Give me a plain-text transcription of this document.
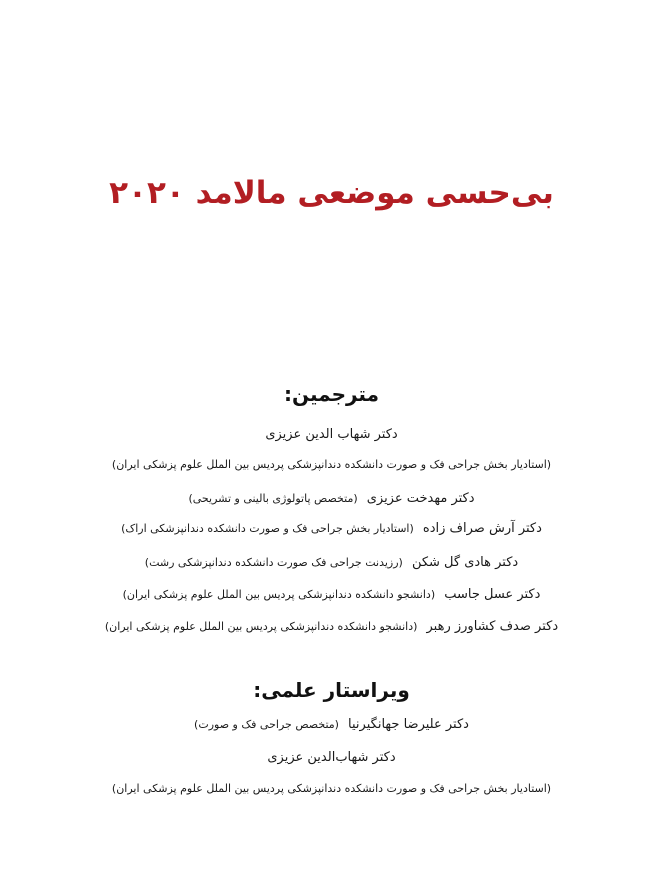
بی‌حسی موضعی مالامد ۲۰۲۰
مترجمین:
دکتر شهاب الدین عزیزی
(استادیار بخش جراحی فک و صورت دانشکده دندانپزشکی پردیس بین الملل علوم پزشکی ایران)
دکتر مهدخت عزیزی (متخصص پاتولوژی بالینی و تشریحی)
دکتر آرش صراف زاده (استادیار بخش جراحی فک و صورت دانشکده دندانپزشکی اراک)
دکتر هادی گل شکن (رزیدنت جراحی فک صورت دانشکده دندانپزشکی رشت)
دکتر عسل جاسب (دانشجو دانشکده دندانپزشکی پردیس بین الملل علوم پزشکی ایران)
دکتر صدف کشاورز رهبر (دانشجو دانشکده دندانپزشکی پردیس بین الملل علوم پزشکی ایران)
ویراستار علمی:
دکتر علیرضا جهانگیرنیا (متخصص جراحی فک و صورت)
دکتر شهاب‌الدین عزیزی
(استادیار بخش جراحی فک و صورت دانشکده دندانپزشکی پردیس بین الملل علوم پزشکی ایران)
